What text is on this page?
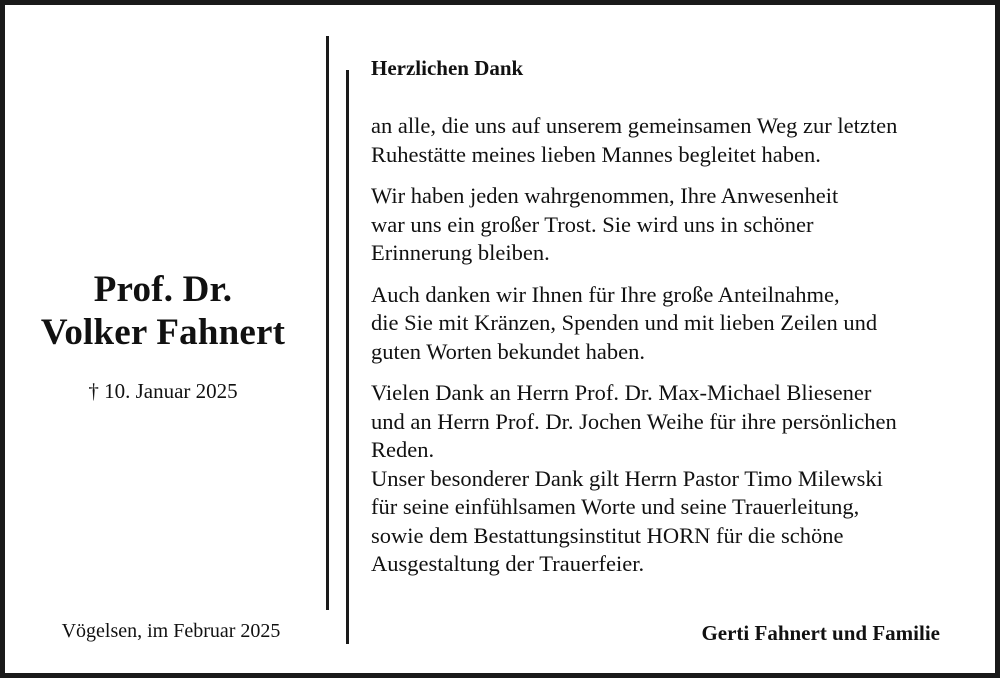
Prof. Dr.
Volker Fahnert
† 10. Januar 2025
Vögelsen, im Februar 2025
Herzlichen Dank

an alle, die uns auf unserem gemeinsamen Weg zur letzten
Ruhestätte meines lieben Mannes begleitet haben.

Wir haben jeden wahrgenommen, Ihre Anwesenheit
war uns ein großer Trost. Sie wird uns in schöner
Erinnerung bleiben.

Auch danken wir Ihnen für Ihre große Anteilnahme,
die Sie mit Kränzen, Spenden und mit lieben Zeilen und
guten Worten bekundet haben.

Vielen Dank an Herrn Prof. Dr. Max-Michael Bliesener
und an Herrn Prof. Dr. Jochen Weihe für ihre persönlichen
Reden.
Unser besonderer Dank gilt Herrn Pastor Timo Milewski
für seine einfühlsamen Worte und seine Trauerleitung,
sowie dem Bestattungsinstitut HORN für die schöne
Ausgestaltung der Trauerfeier.

Gerti Fahnert und Familie
